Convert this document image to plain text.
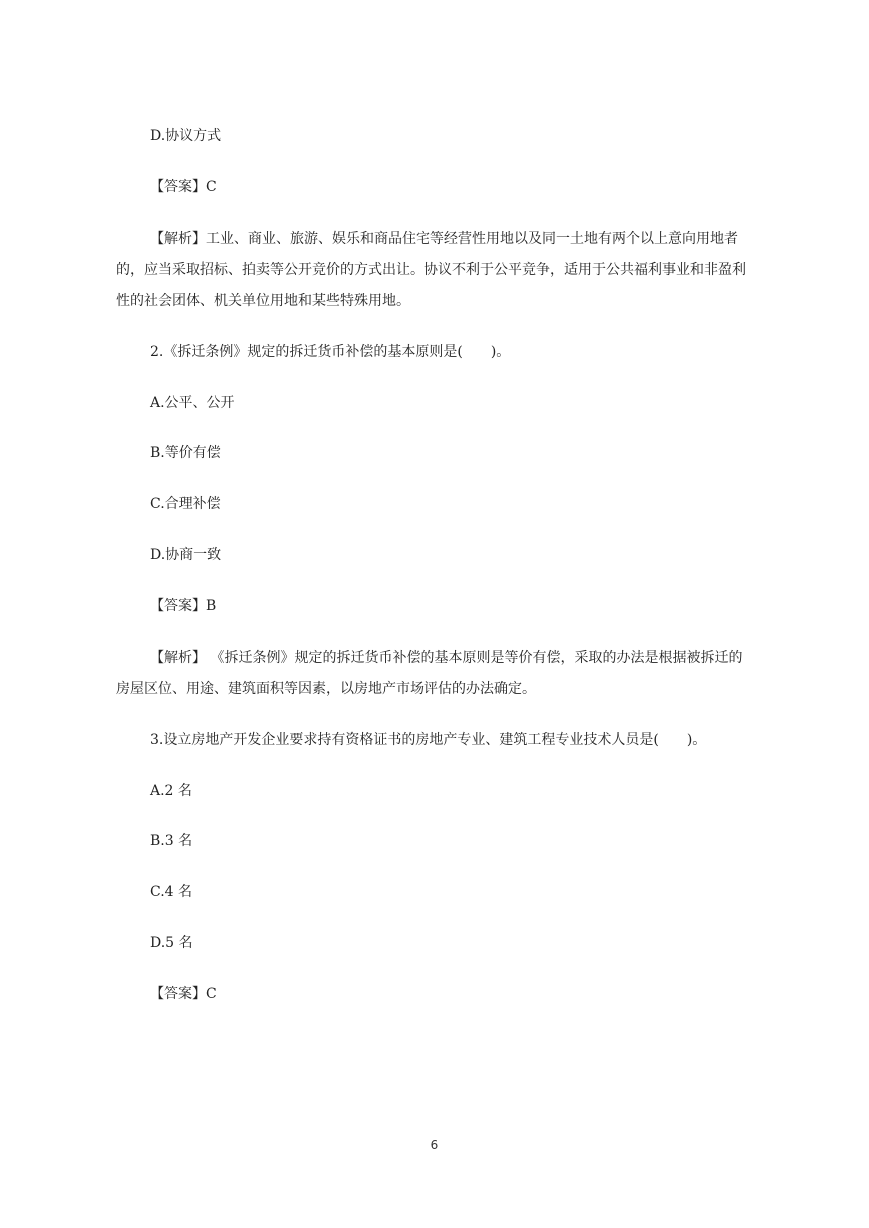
D.协议方式
【答案】C
【解析】工业、商业、旅游、娱乐和商品住宅等经营性用地以及同一土地有两个以上意向用地者的，应当采取招标、拍卖等公开竞价的方式出让。协议不利于公平竞争，适用于公共福利事业和非盈利性的社会团体、机关单位用地和某些特殊用地。
2.《拆迁条例》规定的拆迁货币补偿的基本原则是(　　)。
A.公平、公开
B.等价有偿
C.合理补偿
D.协商一致
【答案】B
【解析】 《拆迁条例》规定的拆迁货币补偿的基本原则是等价有偿，采取的办法是根据被拆迁的房屋区位、用途、建筑面积等因素，以房地产市场评估的办法确定。
3.设立房地产开发企业要求持有资格证书的房地产专业、建筑工程专业技术人员是(　　)。
A.2 名
B.3 名
C.4 名
D.5 名
【答案】C
6
